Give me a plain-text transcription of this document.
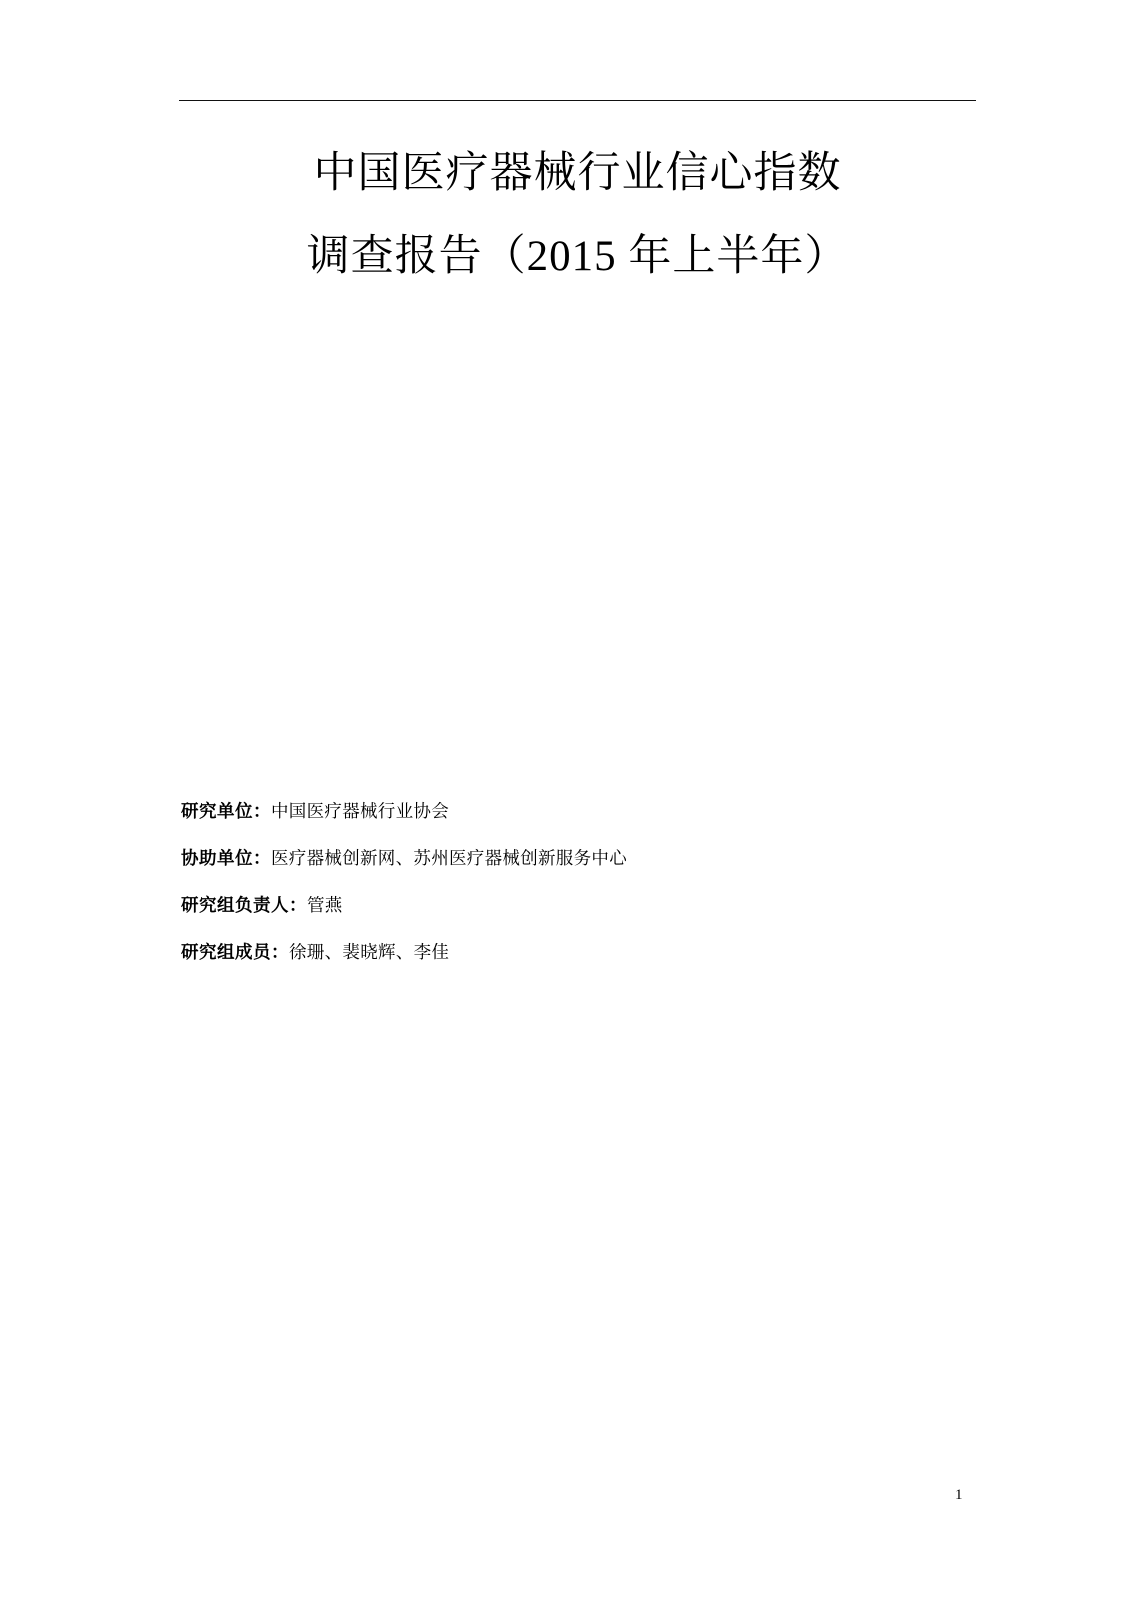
中国医疗器械行业信心指数
调查报告（2015 年上半年）
研究单位：中国医疗器械行业协会
协助单位：医疗器械创新网、苏州医疗器械创新服务中心
研究组负责人：管燕
研究组成员：徐珊、裴晓辉、李佳
1
